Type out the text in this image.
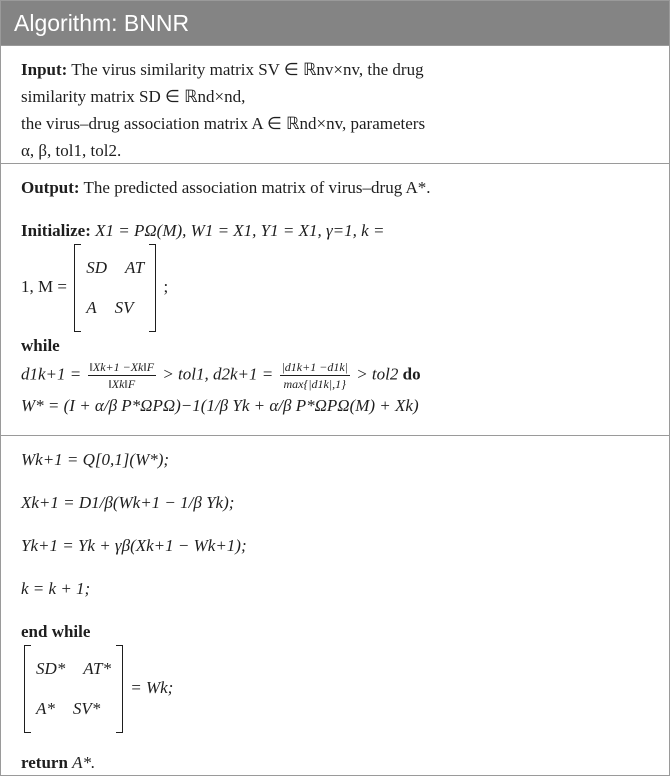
Algorithm: BNNR
Input: The virus similarity matrix SV ∈ ℝnv×nv, the drug
similarity matrix SD ∈ ℝnd×nd,
the virus–drug association matrix A ∈ ℝnd×nv, parameters
α, β, tol1, tol2.
Output: The predicted association matrix of virus–drug A*.
Initialize: X1 = PΩ(M), W1 = X1, Y1 = X1, γ=1, k =
1, M =
SD AT
A SV
;
while
$d1k+1 = \frac{‖Xk+1 -Xk‖F}{‖Xk‖F} > tol1$, $d2k+1 = \frac{|d1k+1 -d1k|}{\max\{|d1k|,1\}} > tol2$ do
W* = (I + α/β P*ΩPΩ)−1(1/β Yk + α/β P*ΩPΩ(M) + Xk)
Wk+1 = Q[0,1](W*);
Xk+1 = D1/β(Wk+1 − 1/β Yk);
Yk+1 = Yk + γβ(Xk+1 − Wk+1);
k = k + 1;
end while
SD* AT*
A* SV*
= Wk;
return A*.
